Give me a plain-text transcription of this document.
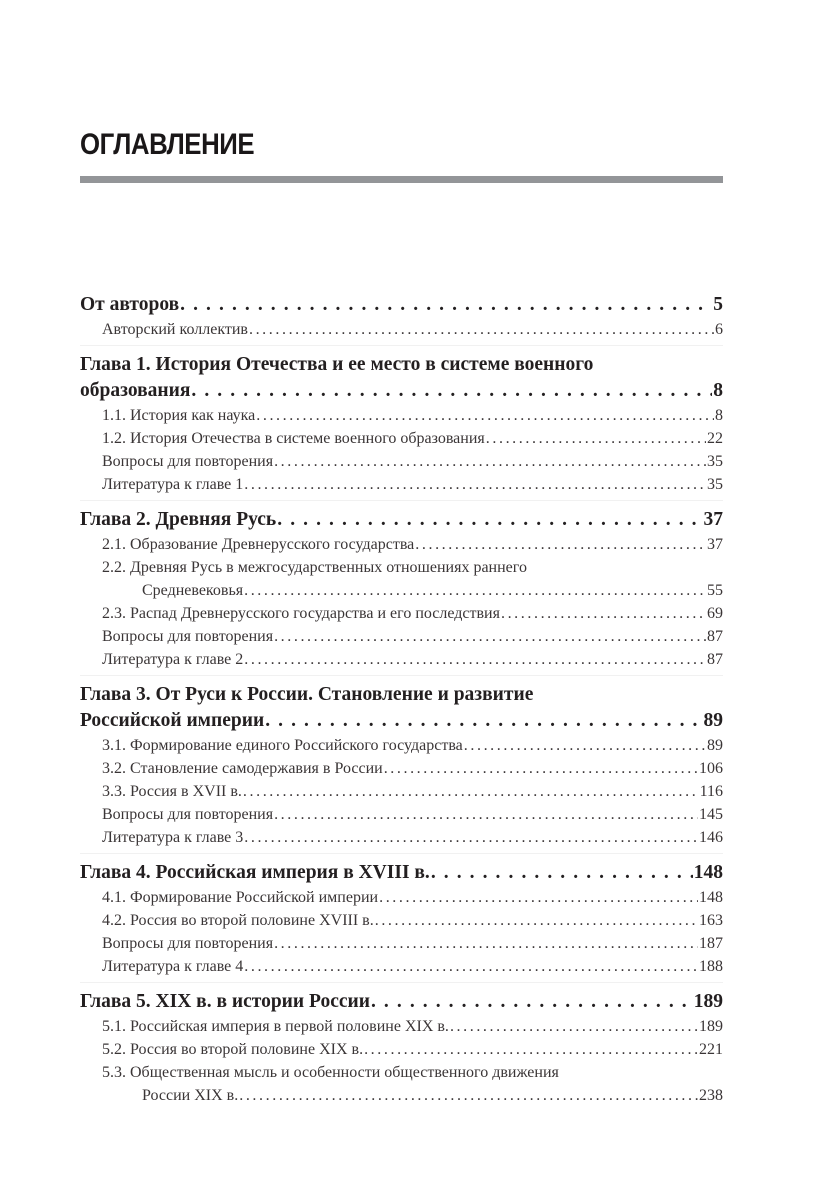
ОГЛАВЛЕНИЕ
От авторов . . .	5
Авторский коллектив .....	6
Глава 1. История Отечества и ее место в системе военного
образования . . .	8
1.1. История как наука .....	8
1.2. История Отечества в системе военного образования .....	22
Вопросы для повторения .....	35
Литература к главе 1 .....	35
Глава 2. Древняя Русь . . .	37
2.1. Образование Древнерусского государства .....	37
2.2. Древняя Русь в межгосударственных отношениях раннего
Средневековья .....	55
2.3. Распад Древнерусского государства и его последствия .....	69
Вопросы для повторения .....	87
Литература к главе 2 .....	87
Глава 3. От Руси к России. Становление и развитие
Российской империи . . .	89
3.1. Формирование единого Российского государства .....	89
3.2. Становление самодержавия в России .....	106
3.3. Россия в XVII в. .....	116
Вопросы для повторения .....	145
Литература к главе 3 .....	146
Глава 4. Российская империя в XVIII в. . . .	148
4.1. Формирование Российской империи .....	148
4.2. Россия во второй половине XVIII в. .....	163
Вопросы для повторения .....	187
Литература к главе 4 .....	188
Глава 5. XIX в. в истории России . . .	189
5.1. Российская империя в первой половине XIX в. .....	189
5.2. Россия во второй половине XIX в. .....	221
5.3. Общественная мысль и особенности общественного движения
России XIX в. .....	238
